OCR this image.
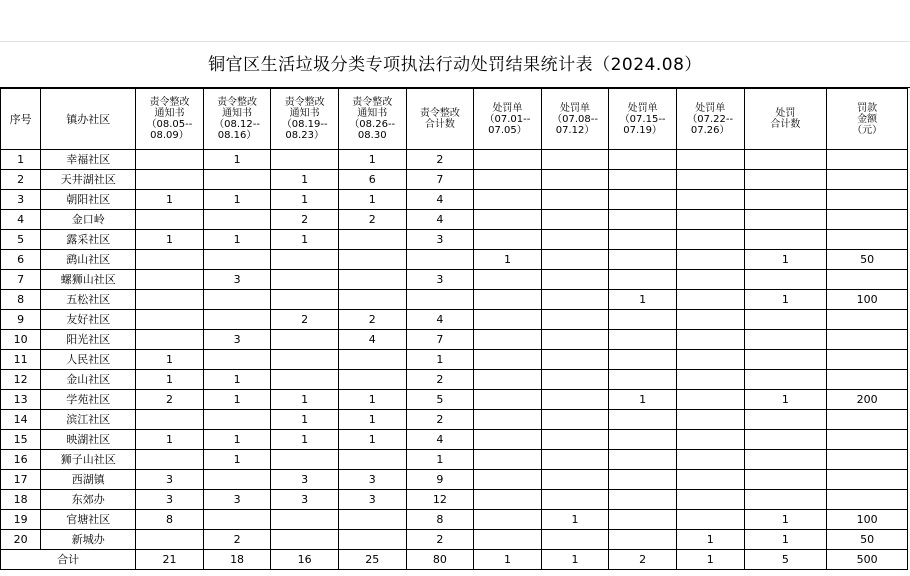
铜官区生活垃圾分类专项执法行动处罚结果统计表（2024.08）
序号	镇办社区	责令整改
通知书
（08.05--
08.09）	责令整改
通知书
（08.12--
08.16）	责令整改
通知书
（08.19--
08.23）	责令整改
通知书
（08.26--
08.30	责令整改
合计数	处罚单
（07.01--
07.05）	处罚单
（07.08--
07.12）	处罚单
（07.15--
07.19）	处罚单
（07.22--
07.26）	处罚
合计数	罚款
金额
（元）

1	幸福社区		1		1	2						
2	天井湖社区			1	6	7						
3	朝阳社区	1	1	1	1	4						
4	金口岭			2	2	4						
5	露采社区	1	1	1		3						
6	鹞山社区						1				1	50
7	螺狮山社区		3			3						
8	五松社区								1		1	100
9	友好社区			2	2	4						
10	阳光社区		3		4	7						
11	人民社区	1				1						
12	金山社区	1	1			2						
13	学苑社区	2	1	1	1	5			1		1	200
14	滨江社区			1	1	2						
15	映湖社区	1	1	1	1	4						
16	狮子山社区		1			1						
17	西湖镇	3		3	3	9						
18	东郊办	3	3	3	3	12						
19	官塘社区	8				8		1			1	100
20	新城办		2			2				1	1	50
合计		21	18	16	25	80	1	1	2	1	5	500
